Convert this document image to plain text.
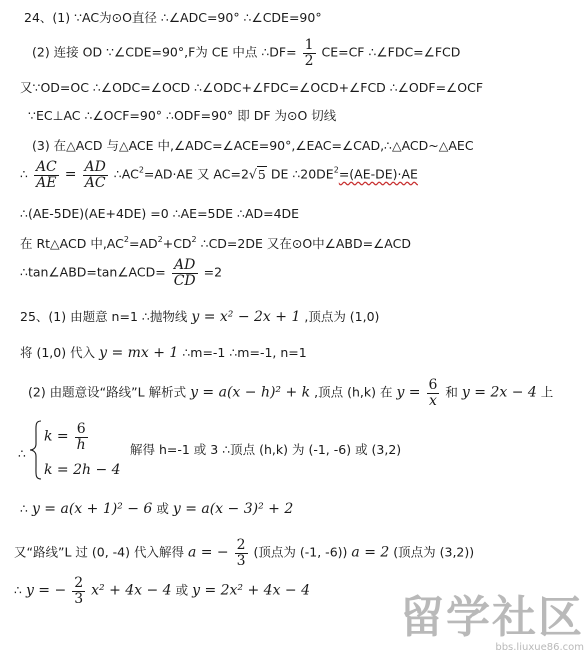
24、(1) ∵AC为⊙O直径 ∴∠ADC=90° ∴∠CDE=90°
(2) 连接 OD ∵∠CDE=90°,F为 CE 中点 ∴DF= $\frac{1}{2} CE=CF$ ∴∠FDC=∠FCD
又∵OD=OC ∴∠ODC=∠OCD ∴∠ODC+∠FDC=∠OCD+∠FCD ∴∠ODF=∠OCF
∵EC⊥AC ∴∠OCF=90° ∴ODF=90° 即 DF 为⊙O 切线
(3) 在△ACD 与△ACE 中,∠ADC=∠ACE=90°,∠EAC=∠CAD,∴△ACD~△AEC
∴ $\frac{AC}{AE} = \frac{AD}{AC}$ $\therefore AC^2=AD\cdot AE$ 又 AC=2√5 DE $\therefore 20DE^2=(AE-DE)\cdot AE$
∴(AE-5DE)(AE+4DE) =0 ∴AE=5DE ∴AD=4DE
在 Rt△ACD 中$,AC^2=AD^2+CD^2$ ∴CD=2DE 又在⊙O中∠ABD=∠ACD
∴tan∠ABD=tan∠ACD= $\frac{AD}{CD} =2$
25、(1) 由题意 n=1 ∴抛物线 y = x² − 2x + 1 ,顶点为 (1,0)
将 (1,0) 代入 y = mx + 1 ∴m=-1 ∴m=-1, n=1
(2) 由题意设“路线”L 解析式 y = a(x − h)² + k ,顶点 (h,k) 在 $y = \frac{6}{x}$ 和 y = 2x − 4 上
∴
$k = \frac{6}{h}$
k = 2h − 4
解得 h=-1 或 3 ∴顶点 (h,k) 为 (-1, -6) 或 (3,2)
∴ y = a(x + 1)² − 6 或 y = a(x − 3)² + 2
又“路线”L 过 (0, -4) 代入解得 a = − $\frac{2}{3}$ (顶点为 (-1, -6)) a = 2 (顶点为 (3,2))
∴ y = − $\frac{2}{3} x^2 + 4x - 4$ 或 y = 2x² + 4x − 4
留学社区
bbs.liuxue86.com
